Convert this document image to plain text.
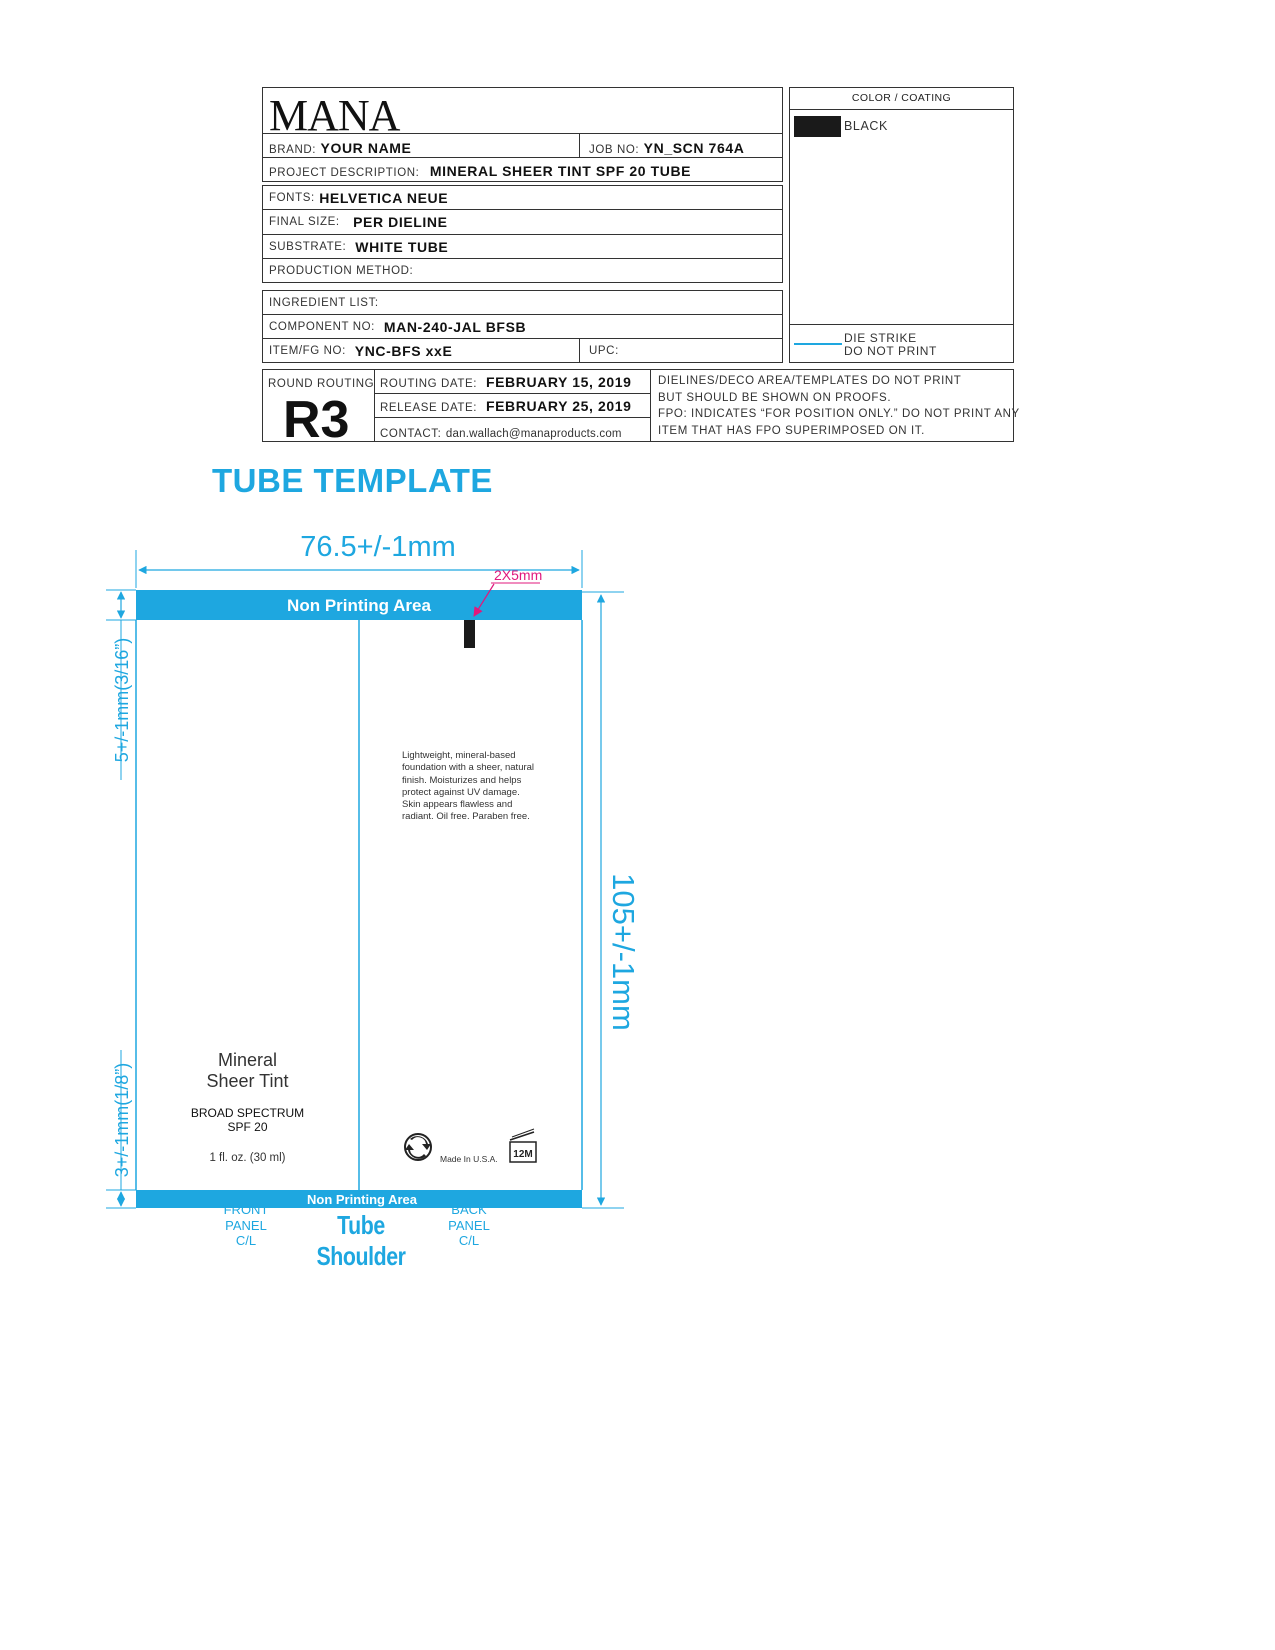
MANA
BRAND: YOUR NAME	JOB NO: YN_SCN 764A
PROJECT DESCRIPTION: MINERAL SHEER TINT SPF 20 TUBE
FONTS:
HELVETICA NEUE
FINAL SIZE:
PER DIELINE
SUBSTRATE:
WHITE TUBE
PRODUCTION METHOD:
INGREDIENT LIST:
COMPONENT NO:
MAN-240-JAL BFSB
ITEM/FG NO:
YNC-BFS xxE	UPC:
COLOR / COATING
BLACK
DIE STRIKE
DO NOT PRINT
ROUND ROUTING
R3
ROUTING DATE: FEBRUARY 15, 2019
RELEASE DATE: FEBRUARY 25, 2019
CONTACT: dan.wallach@manaproducts.com
DIELINES/DECO AREA/TEMPLATES DO NOT PRINT
BUT SHOULD BE SHOWN ON PROOFS.
FPO: INDICATES “FOR POSITION ONLY.” DO NOT PRINT ANY
ITEM THAT HAS FPO SUPERIMPOSED ON IT.
TUBE TEMPLATE
76.5+/-1mm
Non Printing Area
Non Printing Area
105+/-1mm
5+/-1mm(3/16”)
3+/-1mm(1/8”)
2X5mm
12M
Lightweight, mineral-based
foundation with a sheer, natural
finish. Moisturizes and helps
protect against UV damage.
Skin appears flawless and
radiant. Oil free. Paraben free.
Made In U.S.A.
Mineral
Sheer Tint
BROAD SPECTRUM
SPF 20
1 fl. oz. (30 ml)
FRONT
PANEL
C/L
BACK
PANEL
C/L
Tube Shoulder
